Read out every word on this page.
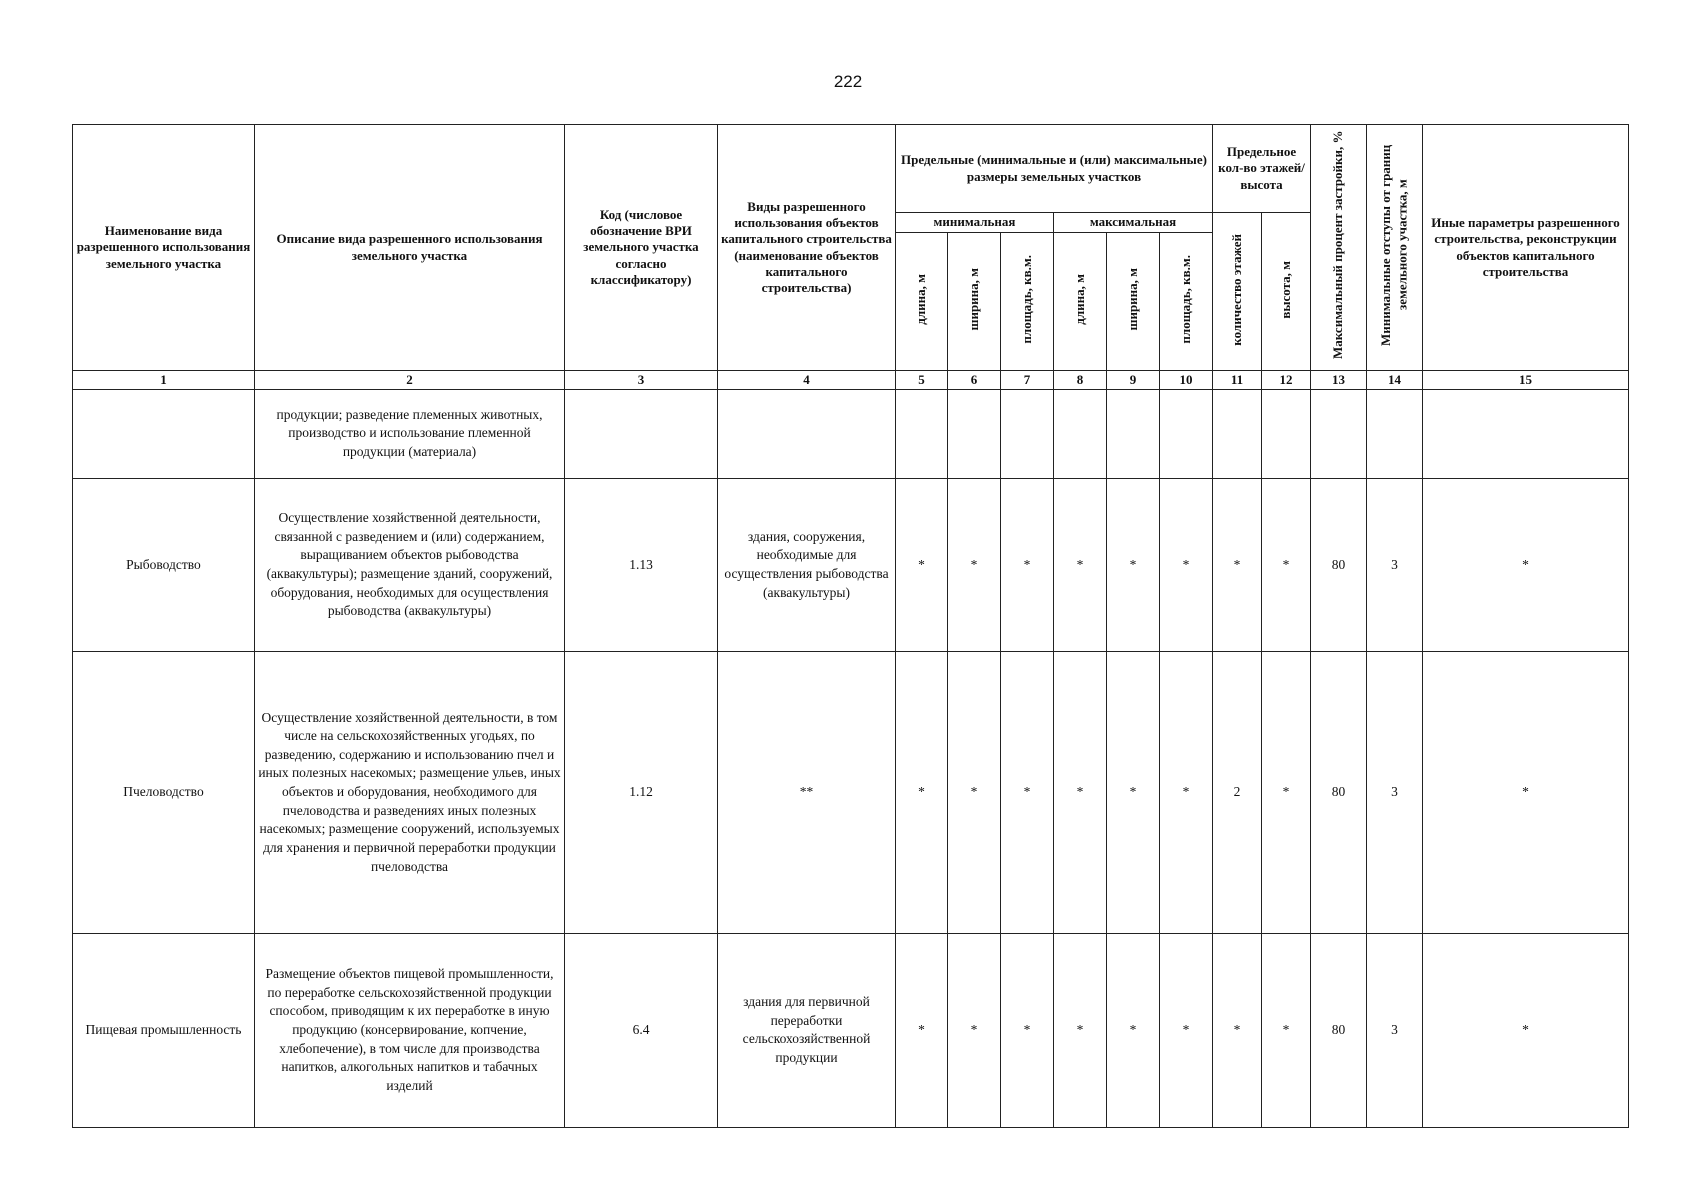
222
Наименование вида разрешенного использования земельного участка	Описание вида разрешенного использования земельного участка	Код (числовое обозначение ВРИ земельного участка согласно классификатору)	Виды разрешенного использования объектов капитального строительства (наименование объектов капитального строительства)	Предельные (минимальные и (или) максимальные) размеры земельных участков						Предельное кол-во этажей/ высота		Максимальный процент застройки, %	Минимальные отступы от границ земельного участка, м	Иные параметры разрешенного строительства, реконструкции объектов капитального строительства
				минимальная			максимальная			количество этажей	высота, м			
				длина, м	ширина, м	площадь, кв.м.	длина, м	ширина, м	площадь, кв.м.					
1	2	3	4	5	6	7	8	9	10	11	12	13	14	15
	продукции; разведение племенных животных, производство и использование племенной продукции (материала)													
Рыбоводство	Осуществление хозяйственной деятельности, связанной с разведением и (или) содержанием, выращиванием объектов рыбоводства (аквакультуры); размещение зданий, сооружений, оборудования, необходимых для осуществления рыбоводства (аквакультуры)	1.13	здания, сооружения, необходимые для осуществления рыбоводства (аквакультуры)	*	*	*	*	*	*	*	*	80	3	*
Пчеловодство	Осуществление хозяйственной деятельности, в том числе на сельскохозяйственных угодьях, по разведению, содержанию и использованию пчел и иных полезных насекомых; размещение ульев, иных объектов и оборудования, необходимого для пчеловодства и разведениях иных полезных насекомых; размещение сооружений, используемых для хранения и первичной переработки продукции пчеловодства	1.12	**	*	*	*	*	*	*	2	*	80	3	*
Пищевая промышленность	Размещение объектов пищевой промышленности, по переработке сельскохозяйственной продукции способом, приводящим к их переработке в иную продукцию (консервирование, копчение, хлебопечение), в том числе для производства напитков, алкогольных напитков и табачных изделий	6.4	здания для первичной переработки сельскохозяйственной продукции	*	*	*	*	*	*	*	*	80	3	*
